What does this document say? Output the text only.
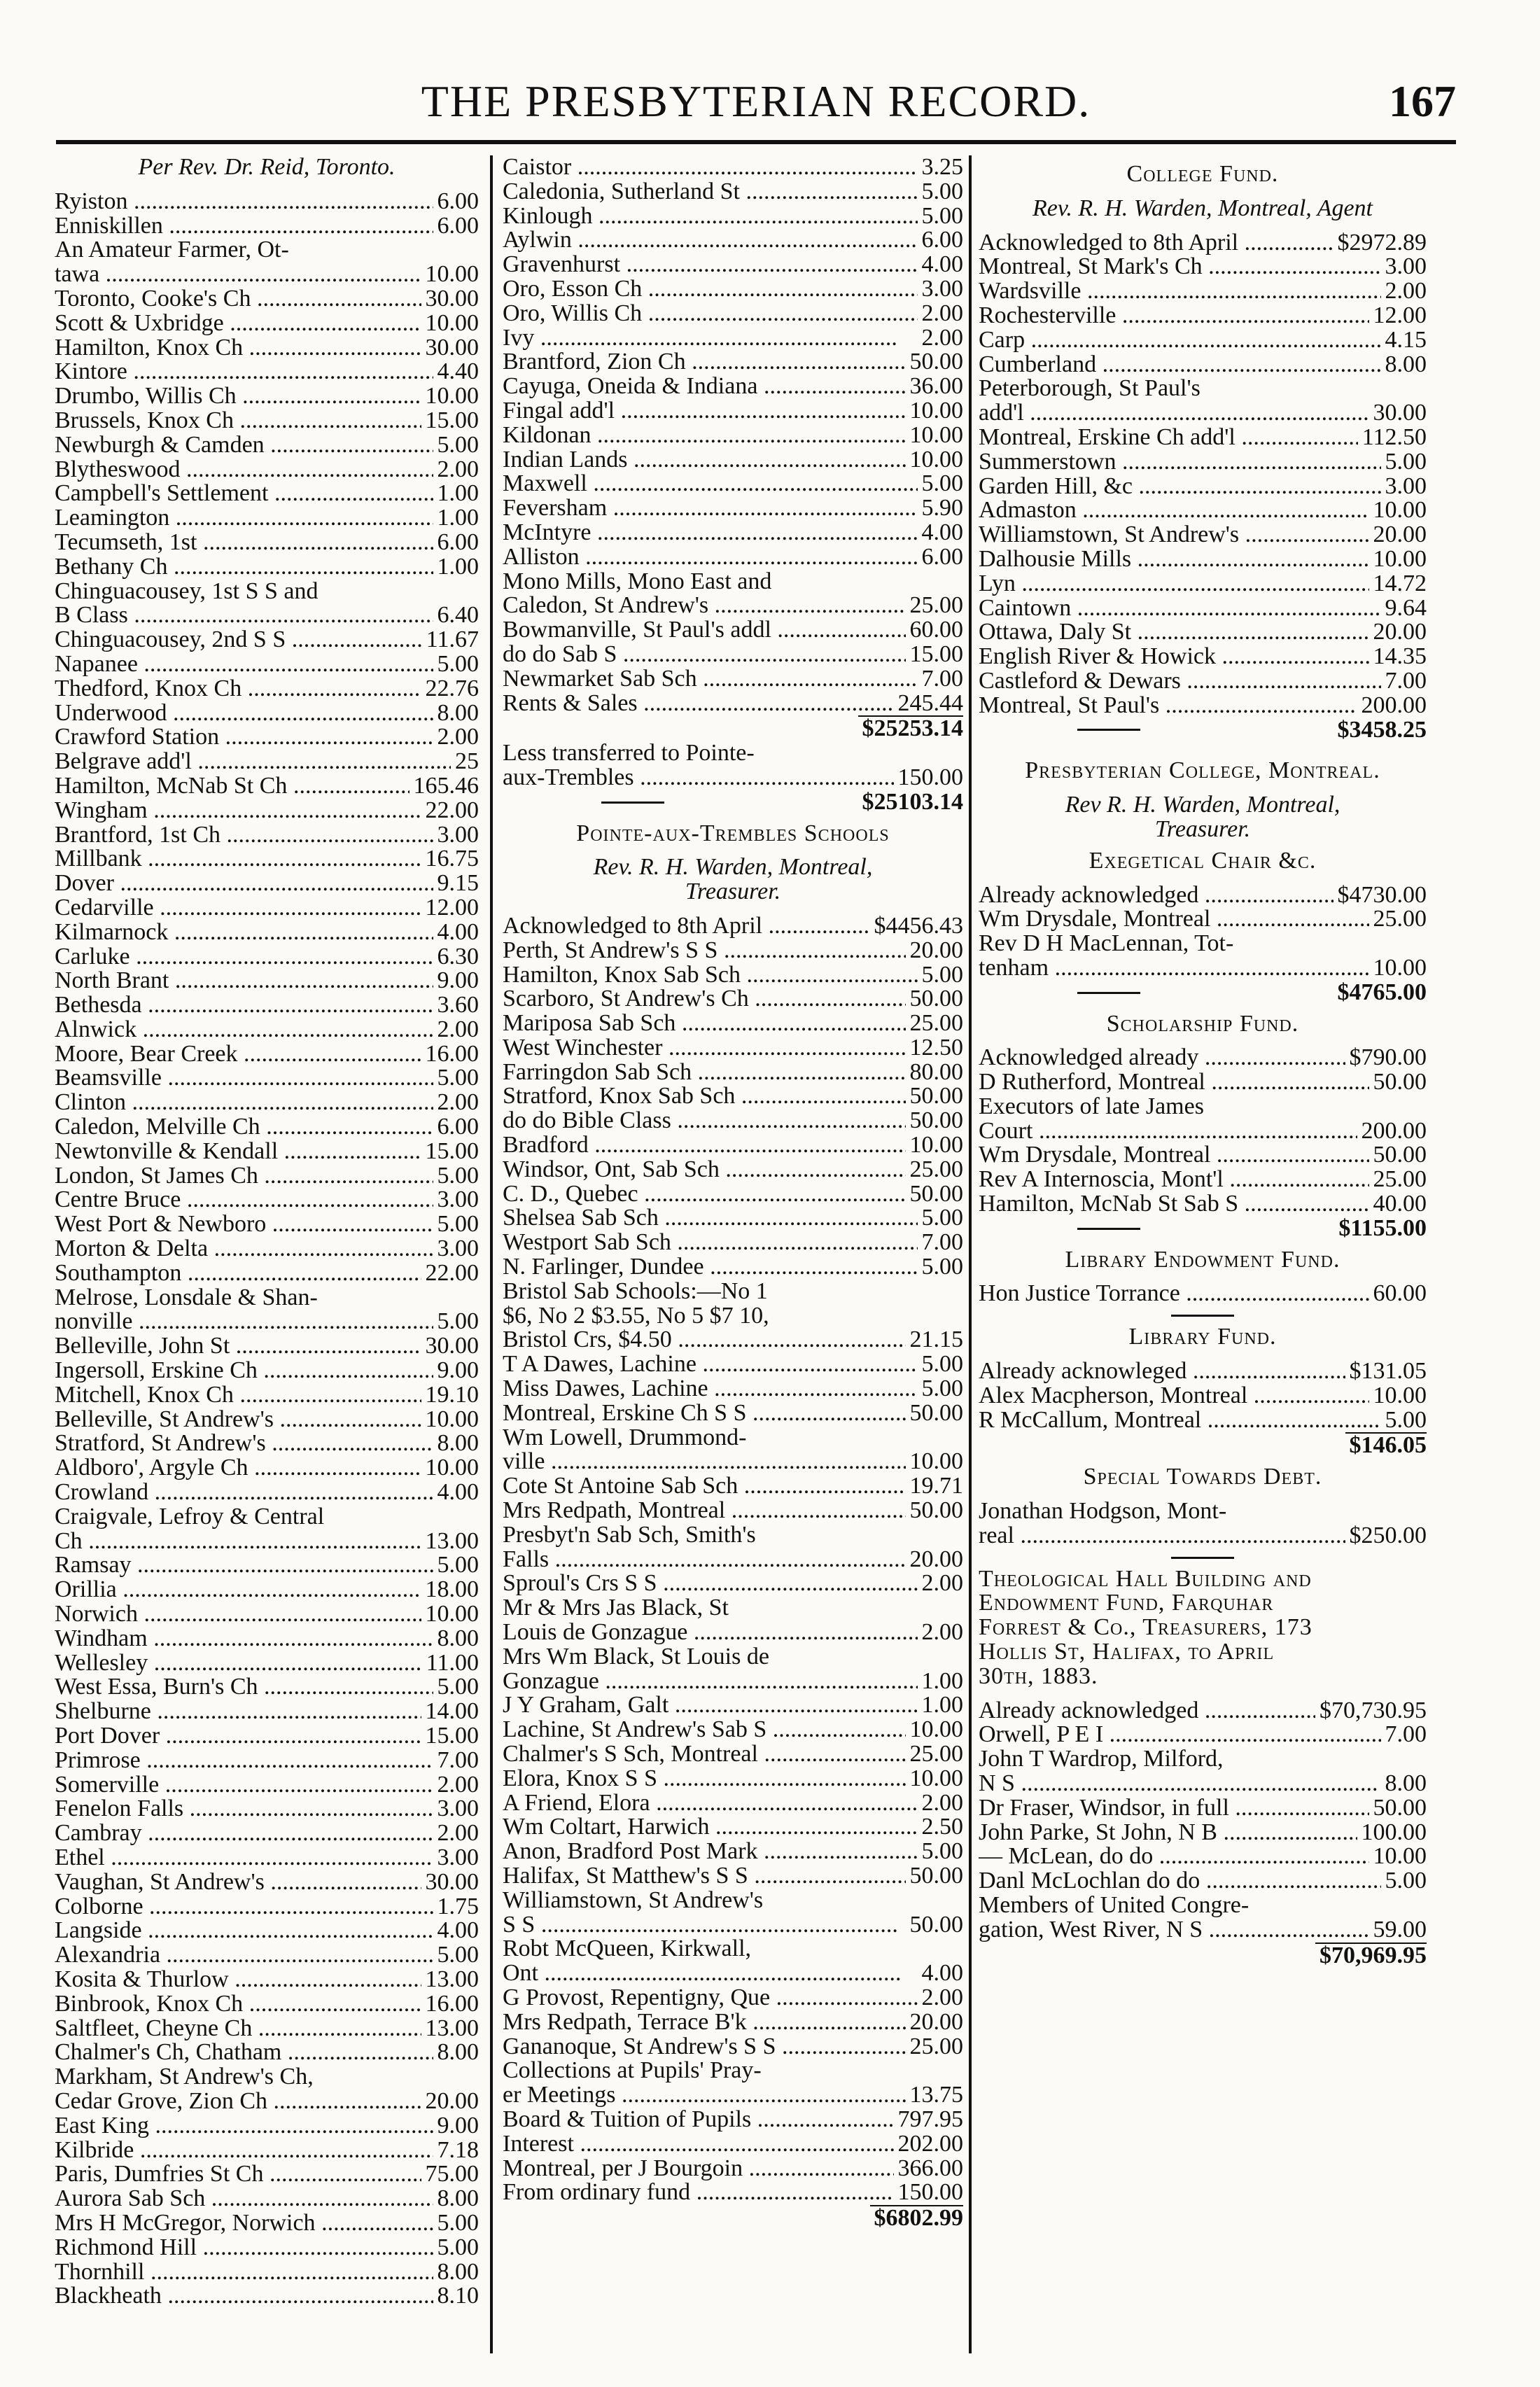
THE PRESBYTERIAN RECORD.	167
Per Rev. Dr. Reid, Toronto.
Ryiston .....	6.00
Enniskillen .....	6.00
An Amateur Farmer, Ot-
tawa .....	10.00
Toronto, Cooke's Ch .....	30.00
Scott & Uxbridge .....	10.00
Hamilton, Knox Ch .....	30.00
Kintore .....	4.40
Drumbo, Willis Ch .....	10.00
Brussels, Knox Ch .....	15.00
Newburgh & Camden .....	5.00
Blytheswood .....	2.00
Campbell's Settlement .....	1.00
Leamington .....	1.00
Tecumseth, 1st .....	6.00
Bethany Ch .....	1.00
Chinguacousey, 1st S S and
B Class .....	6.40
Chinguacousey, 2nd S S .....	11.67
Napanee .....	5.00
Thedford, Knox Ch .....	22.76
Underwood .....	8.00
Crawford Station .....	2.00
Belgrave add'l .....	25
Hamilton, McNab St Ch .....	165.46
Wingham .....	22.00
Brantford, 1st Ch .....	3.00
Millbank .....	16.75
Dover .....	9.15
Cedarville .....	12.00
Kilmarnock .....	4.00
Carluke .....	6.30
North Brant .....	9.00
Bethesda .....	3.60
Alnwick .....	2.00
Moore, Bear Creek .....	16.00
Beamsville .....	5.00
Clinton .....	2.00
Caledon, Melville Ch .....	6.00
Newtonville & Kendall .....	15.00
London, St James Ch .....	5.00
Centre Bruce .....	3.00
West Port & Newboro .....	5.00
Morton & Delta .....	3.00
Southampton .....	22.00
Melrose, Lonsdale & Shan-
nonville .....	5.00
Belleville, John St .....	30.00
Ingersoll, Erskine Ch .....	9.00
Mitchell, Knox Ch .....	19.10
Belleville, St Andrew's .....	10.00
Stratford, St Andrew's .....	8.00
Aldboro', Argyle Ch .....	10.00
Crowland .....	4.00
Craigvale, Lefroy & Central
Ch .....	13.00
Ramsay .....	5.00
Orillia .....	18.00
Norwich .....	10.00
Windham .....	8.00
Wellesley .....	11.00
West Essa, Burn's Ch .....	5.00
Shelburne .....	14.00
Port Dover .....	15.00
Primrose .....	7.00
Somerville .....	2.00
Fenelon Falls .....	3.00
Cambray .....	2.00
Ethel .....	3.00
Vaughan, St Andrew's .....	30.00
Colborne .....	1.75
Langside .....	4.00
Alexandria .....	5.00
Kosita & Thurlow .....	13.00
Binbrook, Knox Ch .....	16.00
Saltfleet, Cheyne Ch .....	13.00
Chalmer's Ch, Chatham .....	8.00
Markham, St Andrew's Ch,
Cedar Grove, Zion Ch .....	20.00
East King .....	9.00
Kilbride .....	7.18
Paris, Dumfries St Ch .....	75.00
Aurora Sab Sch .....	8.00
Mrs H McGregor, Norwich .....	5.00
Richmond Hill .....	5.00
Thornhill .....	8.00
Blackheath .....	8.10
Caistor .....	3.25
Caledonia, Sutherland St .....	5.00
Kinlough .....	5.00
Aylwin .....	6.00
Gravenhurst .....	4.00
Oro, Esson Ch .....	3.00
Oro, Willis Ch .....	2.00
Ivy .....	2.00
Brantford, Zion Ch .....	50.00
Cayuga, Oneida & Indiana .....	36.00
Fingal add'l .....	10.00
Kildonan .....	10.00
Indian Lands .....	10.00
Maxwell .....	5.00
Feversham .....	5.90
McIntyre .....	4.00
Alliston .....	6.00
Mono Mills, Mono East and
Caledon, St Andrew's .....	25.00
Bowmanville, St Paul's addl .....	60.00
do do Sab S .....	15.00
Newmarket Sab Sch .....	7.00
Rents & Sales .....	245.44
$25253.14
Less transferred to Pointe-
aux-Trembles .....	150.00
$25103.14
Pointe-aux-Trembles Schools
Rev. R. H. Warden, Montreal,
Treasurer.
Acknowledged to 8th April .....	$4456.43
Perth, St Andrew's S S .....	20.00
Hamilton, Knox Sab Sch .....	5.00
Scarboro, St Andrew's Ch .....	50.00
Mariposa Sab Sch .....	25.00
West Winchester .....	12.50
Farringdon Sab Sch .....	80.00
Stratford, Knox Sab Sch .....	50.00
do do Bible Class .....	50.00
Bradford .....	10.00
Windsor, Ont, Sab Sch .....	25.00
C. D., Quebec .....	50.00
Shelsea Sab Sch .....	5.00
Westport Sab Sch .....	7.00
N. Farlinger, Dundee .....	5.00
Bristol Sab Schools:—No 1
$6, No 2 $3.55, No 5 $7 10,
Bristol Crs, $4.50 .....	21.15
T A Dawes, Lachine .....	5.00
Miss Dawes, Lachine .....	5.00
Montreal, Erskine Ch S S .....	50.00
Wm Lowell, Drummond-
ville .....	10.00
Cote St Antoine Sab Sch .....	19.71
Mrs Redpath, Montreal .....	50.00
Presbyt'n Sab Sch, Smith's
Falls .....	20.00
Sproul's Crs S S .....	2.00
Mr & Mrs Jas Black, St
Louis de Gonzague .....	2.00
Mrs Wm Black, St Louis de
Gonzague .....	1.00
J Y Graham, Galt .....	1.00
Lachine, St Andrew's Sab S .....	10.00
Chalmer's S Sch, Montreal .....	25.00
Elora, Knox S S .....	10.00
A Friend, Elora .....	2.00
Wm Coltart, Harwich .....	2.50
Anon, Bradford Post Mark .....	5.00
Halifax, St Matthew's S S .....	50.00
Williamstown, St Andrew's
S S .....	50.00
Robt McQueen, Kirkwall,
Ont .....	4.00
G Provost, Repentigny, Que .....	2.00
Mrs Redpath, Terrace B'k .....	20.00
Gananoque, St Andrew's S S .....	25.00
Collections at Pupils' Pray-
er Meetings .....	13.75
Board & Tuition of Pupils .....	797.95
Interest .....	202.00
Montreal, per J Bourgoin .....	366.00
From ordinary fund .....	150.00
$6802.99
College Fund.
Rev. R. H. Warden, Montreal, Agent
Acknowledged to 8th April .....	$2972.89
Montreal, St Mark's Ch .....	3.00
Wardsville .....	2.00
Rochesterville .....	12.00
Carp .....	4.15
Cumberland .....	8.00
Peterborough, St Paul's
add'l .....	30.00
Montreal, Erskine Ch add'l .....	112.50
Summerstown .....	5.00
Garden Hill, &c .....	3.00
Admaston .....	10.00
Williamstown, St Andrew's .....	20.00
Dalhousie Mills .....	10.00
Lyn .....	14.72
Caintown .....	9.64
Ottawa, Daly St .....	20.00
English River & Howick .....	14.35
Castleford & Dewars .....	7.00
Montreal, St Paul's .....	200.00
$3458.25
Presbyterian College, Montreal.
Rev R. H. Warden, Montreal,
Treasurer.
Exegetical Chair &c.
Already acknowledged .....	$4730.00
Wm Drysdale, Montreal .....	25.00
Rev D H MacLennan, Tot-
tenham .....	10.00
$4765.00
Scholarship Fund.
Acknowledged already .....	$790.00
D Rutherford, Montreal .....	50.00
Executors of late James
Court .....	200.00
Wm Drysdale, Montreal .....	50.00
Rev A Internoscia, Mont'l .....	25.00
Hamilton, McNab St Sab S .....	40.00
$1155.00
Library Endowment Fund.
Hon Justice Torrance .....	60.00
Library Fund.
Already acknowleged .....	$131.05
Alex Macpherson, Montreal .....	10.00
R McCallum, Montreal .....	5.00
$146.05
Special Towards Debt.
Jonathan Hodgson, Mont-
real .....	$250.00
Theological Hall Building and
Endowment Fund, Farquhar
Forrest & Co., Treasurers, 173
Hollis St, Halifax, to April
30th, 1883.
Already acknowledged .....	$70,730.95
Orwell, P E I .....	7.00
John T Wardrop, Milford,
N S .....	8.00
Dr Fraser, Windsor, in full .....	50.00
John Parke, St John, N B .....	100.00
— McLean, do do .....	10.00
Danl McLochlan do do .....	5.00
Members of United Congre-
gation, West River, N S .....	59.00
$70,969.95
